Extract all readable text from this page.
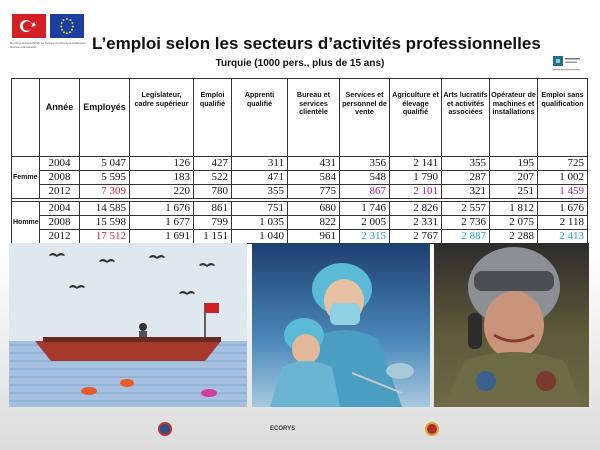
Bu Proje Avrupa Birliği ve Türkiye Cumhuriyeti tarafından finanse edilmektedir	L’emploi selon les secteurs d’activités professionnelles
Turquie (1000 pers., plus de 15 ans)
	Année	Employés	Legislateur, cadre supérieur	Emploi qualifié	Apprenti qualifié	Bureau et services clientèle	Services et personnel de vente	Agriculture et élevage qualifié	Arts lucratifs et activités associées	Opérateur de machines et installations	Emploi sans qualification
Femme	2004	5 047	126	427	311	431	356	2 141	355	195	725
	2008	5 595	183	522	471	584	548	1 790	287	207	1 002
	2012	7 309	220	780	355	775	867	2 101	321	251	1 459

Homme	2004	14 585	1 676	861	751	680	1 746	2 826	2 557	1 812	1 676
	2008	15 598	1 677	799	1 035	822	2 005	2 331	2 736	2 075	2 118
	2012	17 512	1 691	1 151	1 040	961	2 315	2 767	2 887	2 288	2 413
ECORYS
